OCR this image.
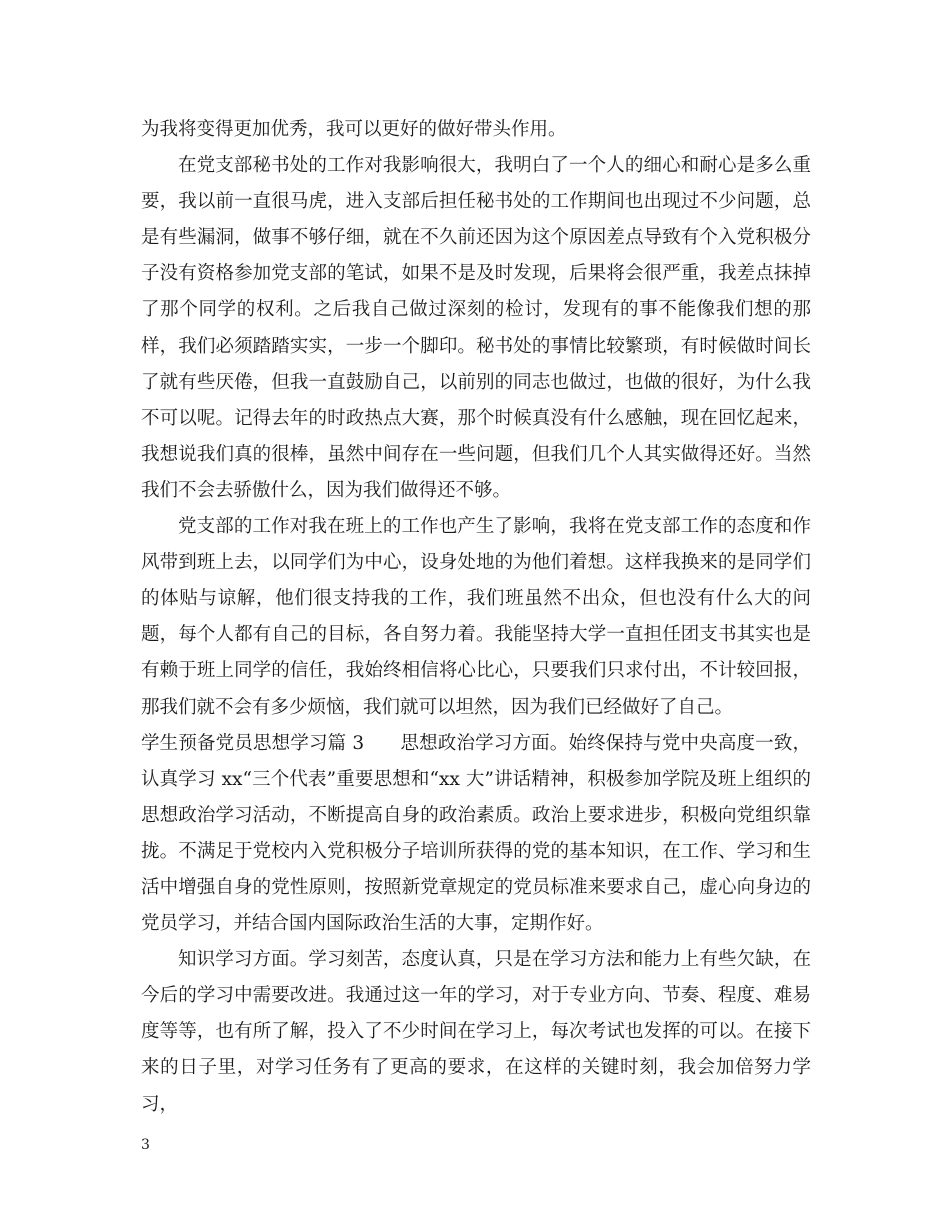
为我将变得更加优秀，我可以更好的做好带头作用。

在党支部秘书处的工作对我影响很大，我明白了一个人的细心和耐心是多么重要，我以前一直很马虎，进入支部后担任秘书处的工作期间也出现过不少问题，总是有些漏洞，做事不够仔细，就在不久前还因为这个原因差点导致有个入党积极分子没有资格参加党支部的笔试，如果不是及时发现，后果将会很严重，我差点抹掉了那个同学的权利。之后我自己做过深刻的检讨，发现有的事不能像我们想的那样，我们必须踏踏实实，一步一个脚印。秘书处的事情比较繁琐，有时候做时间长了就有些厌倦，但我一直鼓励自己，以前别的同志也做过，也做的很好，为什么我不可以呢。记得去年的时政热点大赛，那个时候真没有什么感触，现在回忆起来，我想说我们真的很棒，虽然中间存在一些问题，但我们几个人其实做得还好。当然我们不会去骄傲什么，因为我们做得还不够。

党支部的工作对我在班上的工作也产生了影响，我将在党支部工作的态度和作风带到班上去，以同学们为中心，设身处地的为他们着想。这样我换来的是同学们的体贴与谅解，他们很支持我的工作，我们班虽然不出众，但也没有什么大的问题，每个人都有自己的目标，各自努力着。我能坚持大学一直担任团支书其实也是有赖于班上同学的信任，我始终相信将心比心，只要我们只求付出，不计较回报，那我们就不会有多少烦恼，我们就可以坦然，因为我们已经做好了自己。

学生预备党员思想学习篇 3 思想政治学习方面。始终保持与党中央高度一致，认真学习 xx“三个代表”重要思想和“xx 大”讲话精神，积极参加学院及班上组织的思想政治学习活动，不断提高自身的政治素质。政治上要求进步，积极向党组织靠拢。不满足于党校内入党积极分子培训所获得的党的基本知识，在工作、学习和生活中增强自身的党性原则，按照新党章规定的党员标准来要求自己，虚心向身边的党员学习，并结合国内国际政治生活的大事，定期作好。

知识学习方面。学习刻苦，态度认真，只是在学习方法和能力上有些欠缺，在今后的学习中需要改进。我通过这一年的学习，对于专业方向、节奏、程度、难易度等等，也有所了解，投入了不少时间在学习上，每次考试也发挥的可以。在接下来的日子里，对学习任务有了更高的要求，在这样的关键时刻，我会加倍努力学习，

3
